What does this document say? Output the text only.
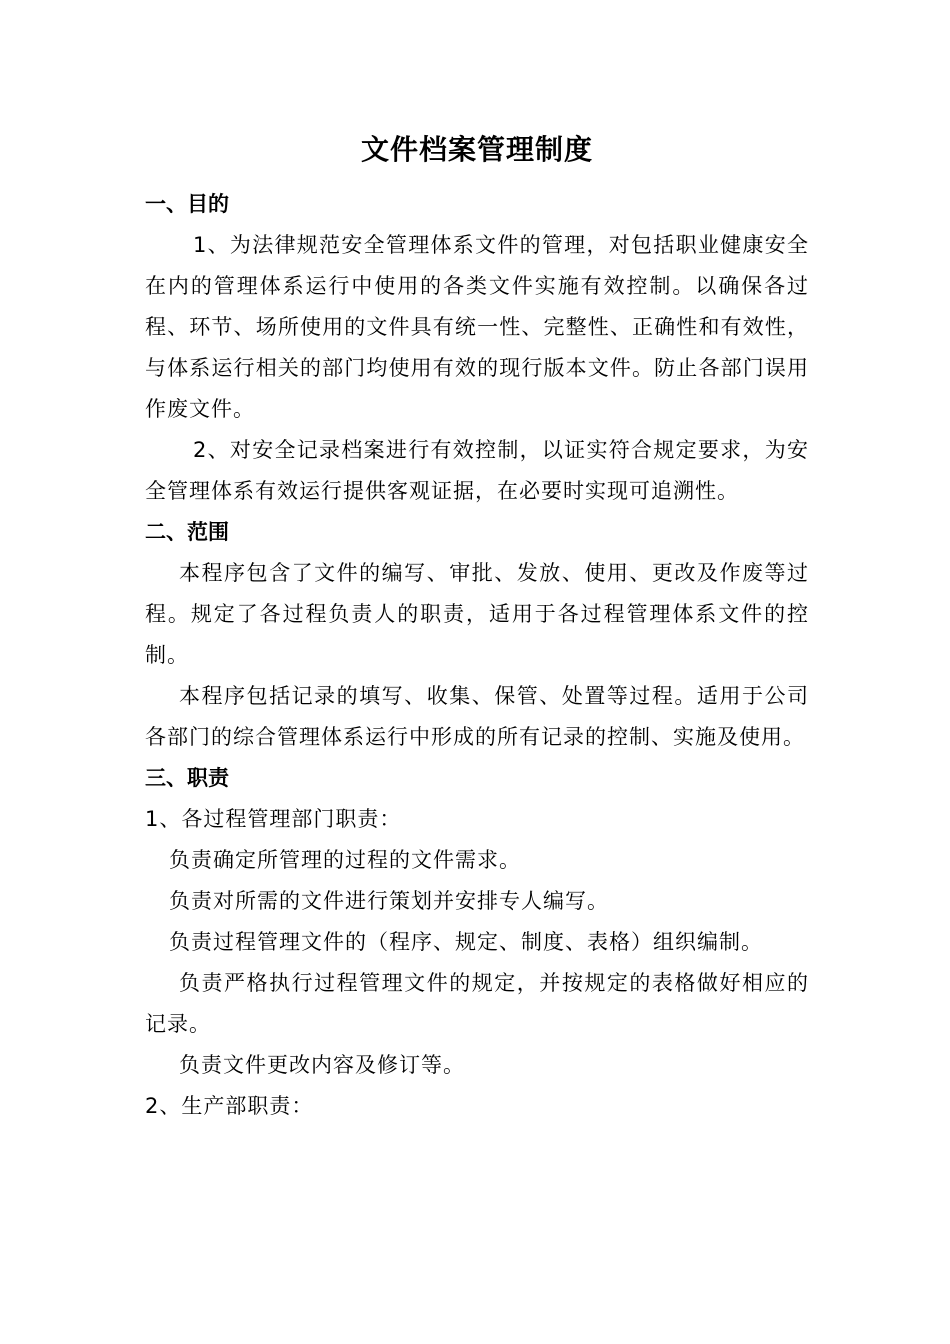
文件档案管理制度

一、目的

1、为法律规范安全管理体系文件的管理，对包括职业健康安全在内的管理体系运行中使用的各类文件实施有效控制。以确保各过程、环节、场所使用的文件具有统一性、完整性、正确性和有效性，与体系运行相关的部门均使用有效的现行版本文件。防止各部门误用作废文件。

2、对安全记录档案进行有效控制，以证实符合规定要求，为安全管理体系有效运行提供客观证据，在必要时实现可追溯性。

二、范围

本程序包含了文件的编写、审批、发放、使用、更改及作废等过程。规定了各过程负责人的职责，适用于各过程管理体系文件的控制。

本程序包括记录的填写、收集、保管、处置等过程。适用于公司各部门的综合管理体系运行中形成的所有记录的控制、实施及使用。

三、职责

1、各过程管理部门职责：

负责确定所管理的过程的文件需求。

负责对所需的文件进行策划并安排专人编写。

负责过程管理文件的（程序、规定、制度、表格）组织编制。

负责严格执行过程管理文件的规定，并按规定的表格做好相应的记录。

负责文件更改内容及修订等。

2、生产部职责：
